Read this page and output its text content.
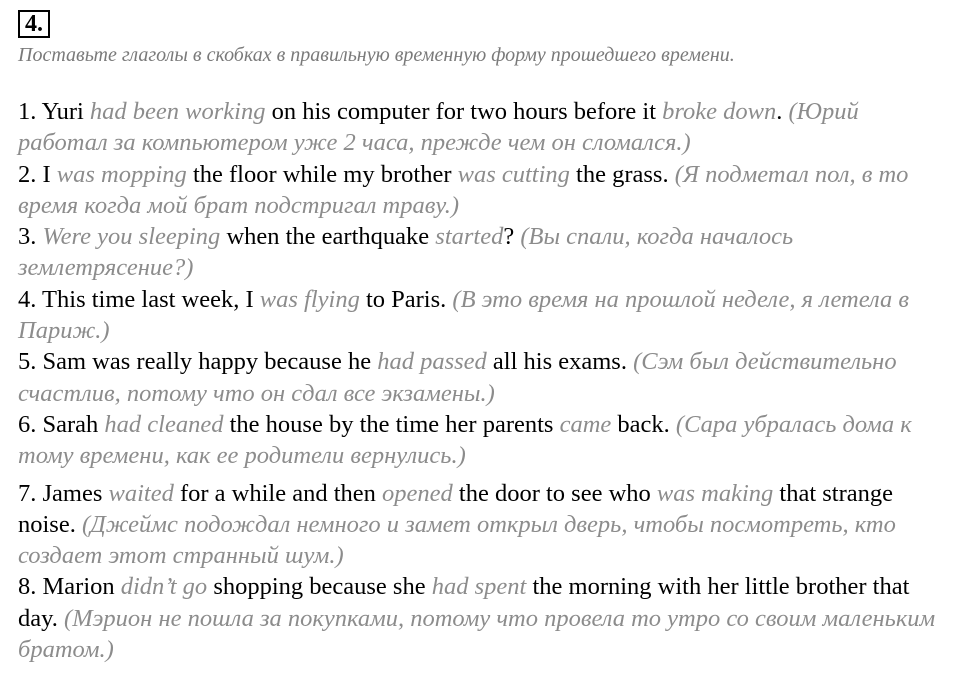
4.
Поставьте глаголы в скобках в правильную временную форму прошедшего времени.

1. Yuri had been working on his computer for two hours before it broke down. (Юрий работал за компьютером уже 2 часа, прежде чем он сломался.)

2. I was mopping the floor while my brother was cutting the grass. (Я подметал пол, в то время когда мой брат подстригал траву.)

3. Were you sleeping when the earthquake started? (Вы спали, когда началось землетрясение?)

4. This time last week, I was flying to Paris. (В это время на прошлой неделе, я летела в Париж.)

5. Sam was really happy because he had passed all his exams. (Сэм был действительно счастлив, потому что он сдал все экзамены.)

6. Sarah had cleaned the house by the time her parents came back. (Сара убралась дома к тому времени, как ее родители вернулись.)

7. James waited for a while and then opened the door to see who was making that strange noise. (Джеймс подождал немного и замет открыл дверь, чтобы посмотреть, кто создает этот странный шум.)

8. Marion didn’t go shopping because she had spent the morning with her little brother that day. (Мэрион не пошла за покупками, потому что провела то утро со своим маленьким братом.)
